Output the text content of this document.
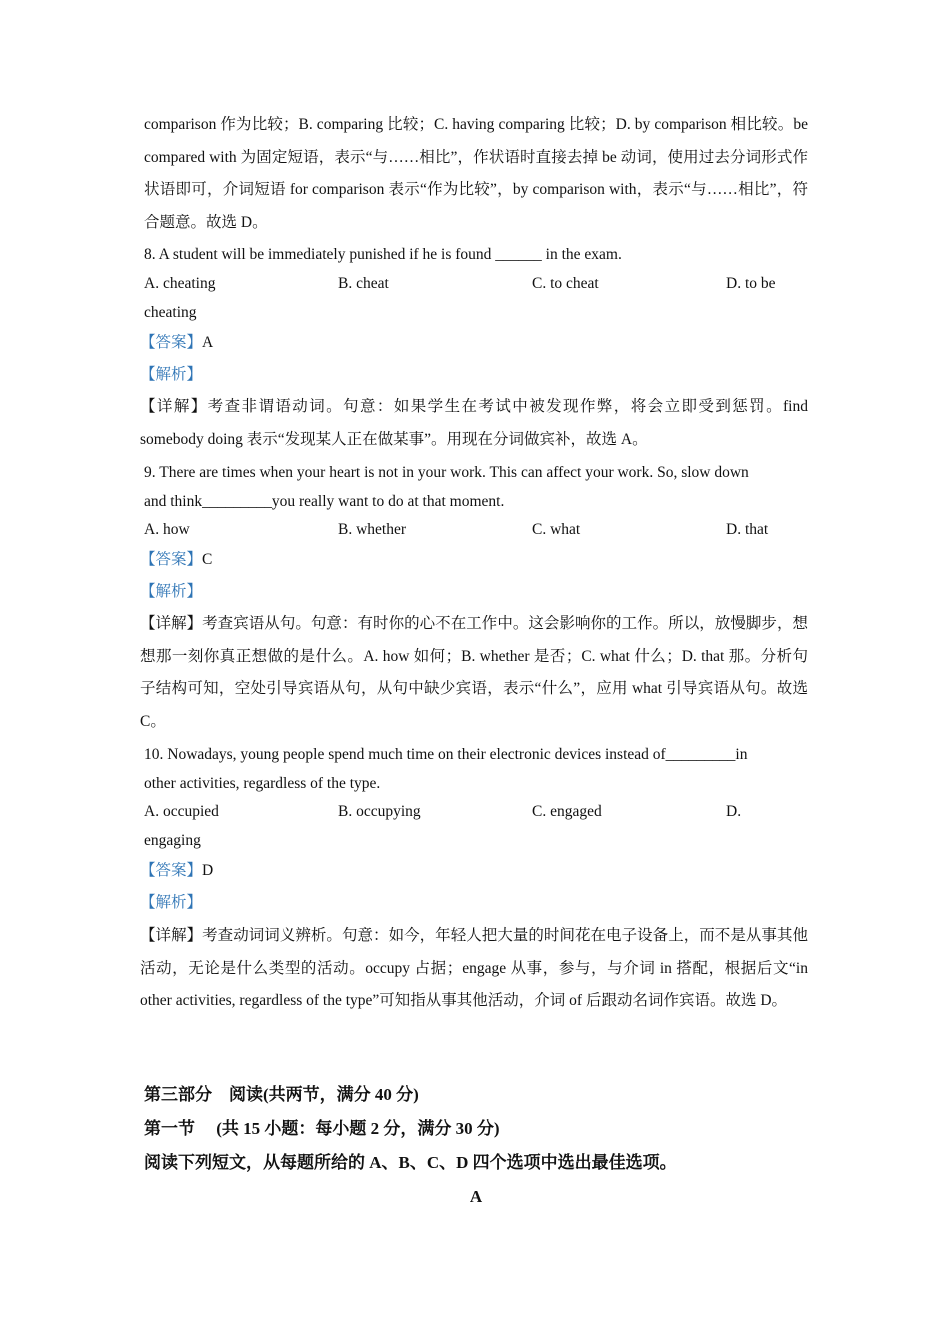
comparison 作为比较；B. comparing 比较；C. having comparing 比较；D. by comparison 相比较。be compared with 为固定短语，表示“与……相比”，作状语时直接去掉 be 动词，使用过去分词形式作状语即可，介词短语 for comparison 表示“作为比较”，by comparison with，表示“与……相比”，符合题意。故选 D。
8. A student will be immediately punished if he is found ______ in the exam.
A. cheating	B. cheat	C. to cheat	D. to be
cheating
【答案】A
【解析】
【详解】考查非谓语动词。句意：如果学生在考试中被发现作弊，将会立即受到惩罚。find somebody doing 表示“发现某人正在做某事”。用现在分词做宾补，故选 A。
9. There are times when your heart is not in your work. This can affect your work. So, slow down
and think_________you really want to do at that moment.
A. how	B. whether	C. what	D. that
【答案】C
【解析】
【详解】考查宾语从句。句意：有时你的心不在工作中。这会影响你的工作。所以，放慢脚步，想想那一刻你真正想做的是什么。A. how 如何；B. whether 是否；C. what 什么；D. that 那。分析句子结构可知，空处引导宾语从句，从句中缺少宾语，表示“什么”，应用 what 引导宾语从句。故选 C。
10. Nowadays, young people spend much time on their electronic devices instead of_________in
other activities, regardless of the type.
A. occupied	B. occupying	C. engaged	D.
engaging
【答案】D
【解析】
【详解】考查动词词义辨析。句意：如今，年轻人把大量的时间花在电子设备上，而不是从事其他活动，无论是什么类型的活动。occupy 占据；engage 从事，参与，与介词 in 搭配，根据后文“in other activities, regardless of the type”可知指从事其他活动，介词 of 后跟动名词作宾语。故选 D。
第三部分　阅读(共两节，满分 40 分)
第一节　 (共 15 小题：每小题 2 分，满分 30 分)
阅读下列短文，从每题所给的 A、B、C、D 四个选项中选出最佳选项。
A
